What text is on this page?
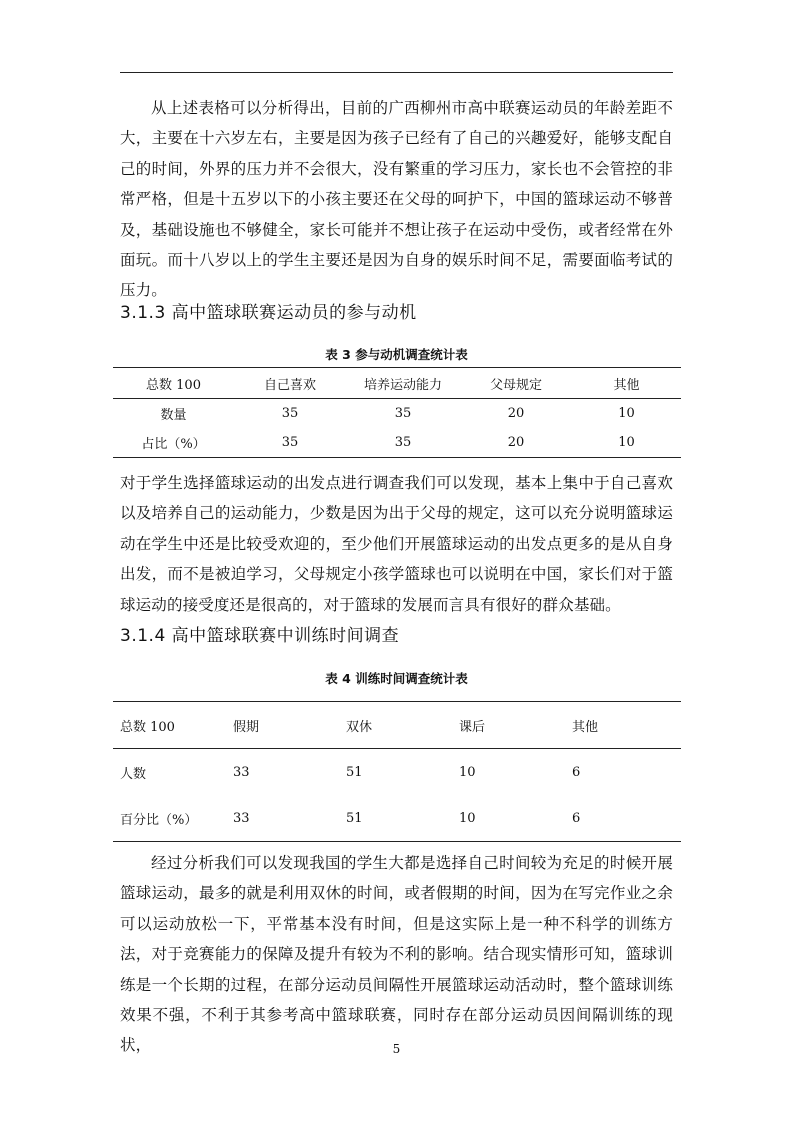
从上述表格可以分析得出，目前的广西柳州市高中联赛运动员的年龄差距不大，主要在十六岁左右，主要是因为孩子已经有了自己的兴趣爱好，能够支配自己的时间，外界的压力并不会很大，没有繁重的学习压力，家长也不会管控的非常严格，但是十五岁以下的小孩主要还在父母的呵护下，中国的篮球运动不够普及，基础设施也不够健全，家长可能并不想让孩子在运动中受伤，或者经常在外面玩。而十八岁以上的学生主要还是因为自身的娱乐时间不足，需要面临考试的压力。

3.1.3 高中篮球联赛运动员的参与动机

表 3 参与动机调查统计表

总数 100	自己喜欢	培养运动能力	父母规定	其他
数量	35	35	20	10
占比（%）	35	35	20	10

对于学生选择篮球运动的出发点进行调查我们可以发现，基本上集中于自己喜欢以及培养自己的运动能力，少数是因为出于父母的规定，这可以充分说明篮球运动在学生中还是比较受欢迎的，至少他们开展篮球运动的出发点更多的是从自身出发，而不是被迫学习，父母规定小孩学篮球也可以说明在中国，家长们对于篮球运动的接受度还是很高的，对于篮球的发展而言具有很好的群众基础。

3.1.4 高中篮球联赛中训练时间调查

表 4 训练时间调查统计表

总数 100	假期	双休	课后	其他
人数	33	51	10	6
百分比（%）	33	51	10	6

经过分析我们可以发现我国的学生大都是选择自己时间较为充足的时候开展篮球运动，最多的就是利用双休的时间，或者假期的时间，因为在写完作业之余可以运动放松一下，平常基本没有时间，但是这实际上是一种不科学的训练方法，对于竞赛能力的保障及提升有较为不利的影响。结合现实情形可知，篮球训练是一个长期的过程，在部分运动员间隔性开展篮球运动活动时，整个篮球训练效果不强，不利于其参考高中篮球联赛，同时存在部分运动员因间隔训练的现状，	5
